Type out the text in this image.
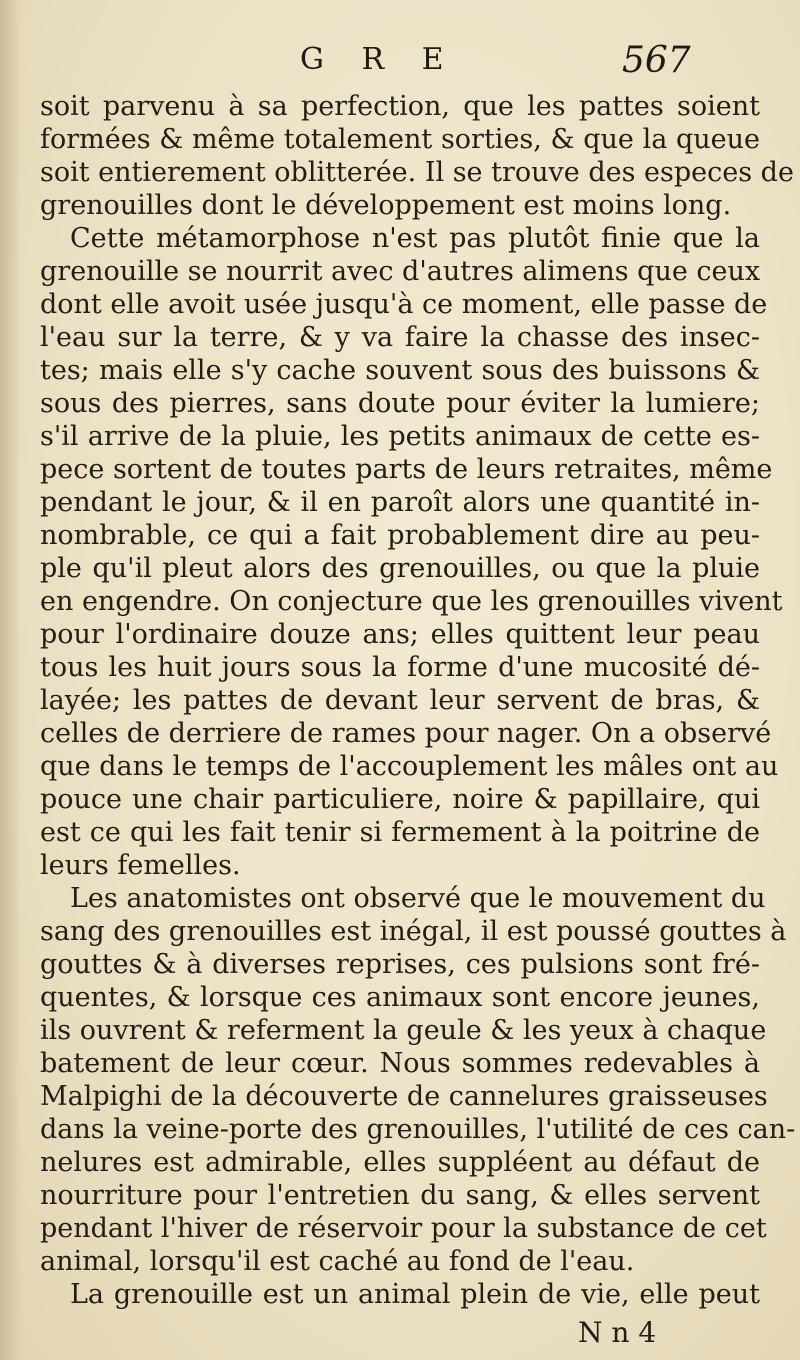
G R E	567
soit parvenu à sa perfection, que les pattes soient
formées & même totalement sorties, & que la queue
soit entierement oblitterée. Il se trouve des especes de
grenouilles dont le développement est moins long.
Cette métamorphose n'est pas plutôt finie que la
grenouille se nourrit avec d'autres alimens que ceux
dont elle avoit usée jusqu'à ce moment, elle passe de
l'eau sur la terre, & y va faire la chasse des insec-
tes; mais elle s'y cache souvent sous des buissons &
sous des pierres, sans doute pour éviter la lumiere;
s'il arrive de la pluie, les petits animaux de cette es-
pece sortent de toutes parts de leurs retraites, même
pendant le jour, & il en paroît alors une quantité in-
nombrable, ce qui a fait probablement dire au peu-
ple qu'il pleut alors des grenouilles, ou que la pluie
en engendre. On conjecture que les grenouilles vivent
pour l'ordinaire douze ans; elles quittent leur peau
tous les huit jours sous la forme d'une mucosité dé-
layée; les pattes de devant leur servent de bras, &
celles de derriere de rames pour nager. On a observé
que dans le temps de l'accouplement les mâles ont au
pouce une chair particuliere, noire & papillaire, qui
est ce qui les fait tenir si fermement à la poitrine de
leurs femelles.
Les anatomistes ont observé que le mouvement du
sang des grenouilles est inégal, il est poussé gouttes à
gouttes & à diverses reprises, ces pulsions sont fré-
quentes, & lorsque ces animaux sont encore jeunes,
ils ouvrent & referment la geule & les yeux à chaque
batement de leur cœur. Nous sommes redevables à
Malpighi de la découverte de cannelures graisseuses
dans la veine-porte des grenouilles, l'utilité de ces can-
nelures est admirable, elles suppléent au défaut de
nourriture pour l'entretien du sang, & elles servent
pendant l'hiver de réservoir pour la substance de cet
animal, lorsqu'il est caché au fond de l'eau.
La grenouille est un animal plein de vie, elle peut
N n 4
